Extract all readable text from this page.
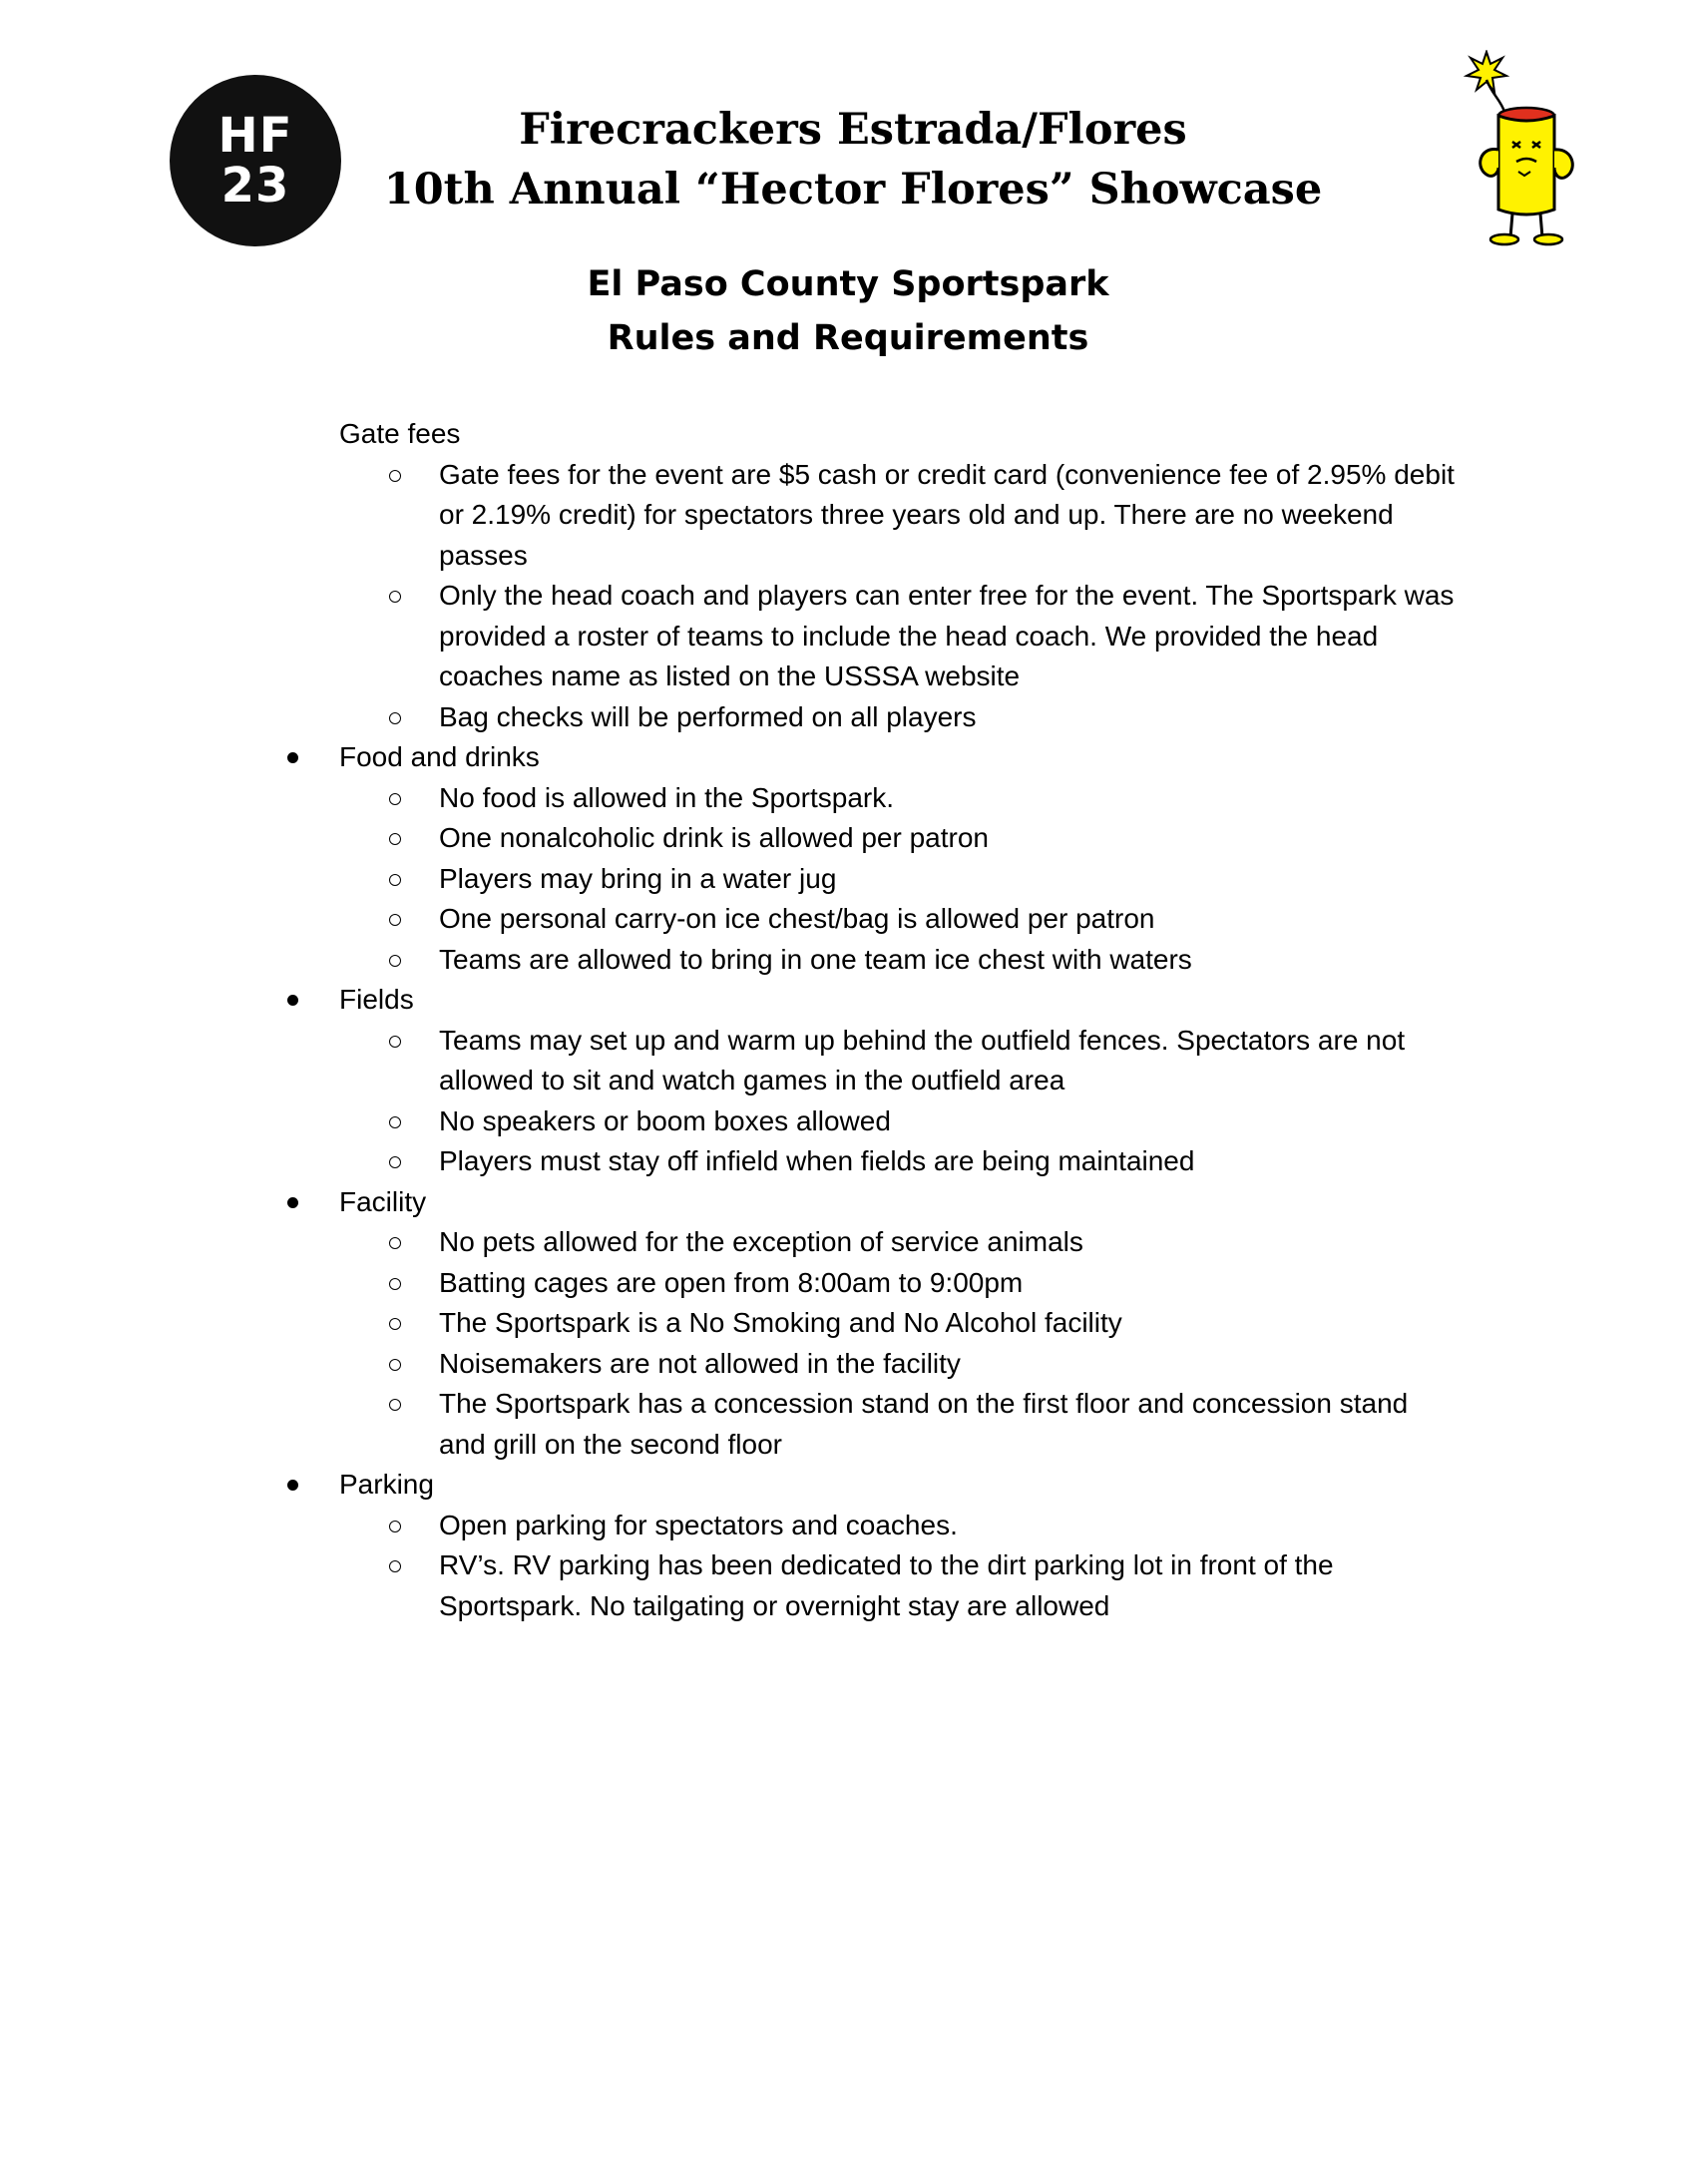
HF
23
Firecrackers Estrada/Flores
10th Annual “Hector Flores” Showcase
El Paso County Sportspark
Rules and Requirements
Gate fees
Gate fees for the event are $5 cash or credit card (convenience fee of 2.95% debit or 2.19% credit) for spectators three years old and up. There are no weekend passes
Only the head coach and players can enter free for the event. The Sportspark was provided a roster of teams to include the head coach. We provided the head coaches name as listed on the USSSA website
Bag checks will be performed on all players
Food and drinks
No food is allowed in the Sportspark.
One nonalcoholic drink is allowed per patron
Players may bring in a water jug
One personal carry-on ice chest/bag is allowed per patron
Teams are allowed to bring in one team ice chest with waters
Fields
Teams may set up and warm up behind the outfield fences. Spectators are not allowed to sit and watch games in the outfield area
No speakers or boom boxes allowed
Players must stay off infield when fields are being maintained
Facility
No pets allowed for the exception of service animals
Batting cages are open from 8:00am to 9:00pm
The Sportspark is a No Smoking and No Alcohol facility
Noisemakers are not allowed in the facility
The Sportspark has a concession stand on the first floor and concession stand and grill on the second floor
Parking
Open parking for spectators and coaches.
RV’s. RV parking has been dedicated to the dirt parking lot in front of the Sportspark. No tailgating or overnight stay are allowed
